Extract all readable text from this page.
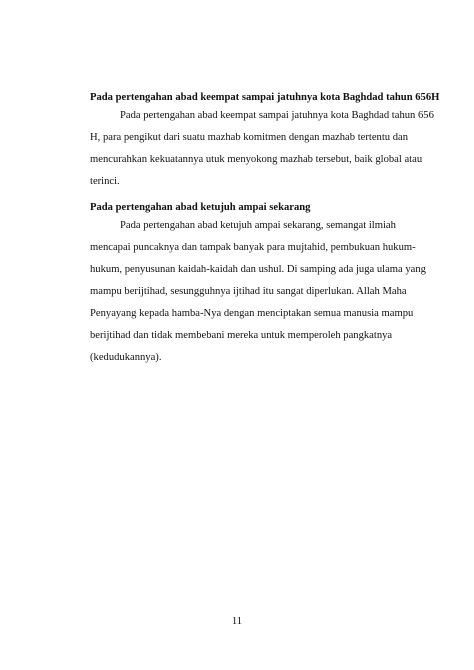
Pada pertengahan abad keempat sampai jatuhnya kota Baghdad tahun 656H

Pada pertengahan abad keempat sampai jatuhnya kota Baghdad tahun 656
H, para pengikut dari suatu mazhab komitmen dengan mazhab tertentu dan
mencurahkan kekuatannya utuk menyokong mazhab tersebut, baik global atau
terinci.

Pada pertengahan abad ketujuh ampai sekarang

Pada pertengahan abad ketujuh ampai sekarang, semangat ilmiah
mencapai puncaknya dan tampak banyak para mujtahid, pembukuan hukum-
hukum, penyusunan kaidah-kaidah dan ushul. Di samping ada juga ulama yang
mampu berijtihad, sesungguhnya ijtihad itu sangat diperlukan. Allah Maha
Penyayang kepada hamba-Nya dengan menciptakan semua manusia mampu
berijtihad dan tidak membebani mereka untuk memperoleh pangkatnya
(kedudukannya).
11
